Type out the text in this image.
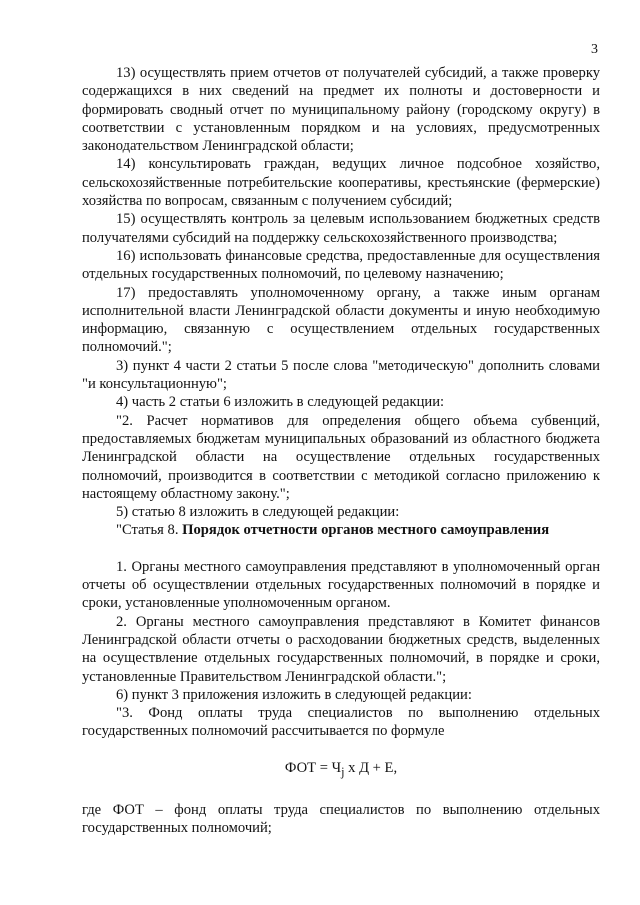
3

13) осуществлять прием отчетов от получателей субсидий, а также проверку содержащихся в них сведений на предмет их полноты и достоверности и формировать сводный отчет по муниципальному району (городскому округу) в соответствии с установленным порядком и на условиях, предусмотренных законодательством Ленинградской области;

14) консультировать граждан, ведущих личное подсобное хозяйство, сельскохозяйственные потребительские кооперативы, крестьянские (фермерские) хозяйства по вопросам, связанным с получением субсидий;

15) осуществлять контроль за целевым использованием бюджетных средств получателями субсидий на поддержку сельскохозяйственного производства;

16) использовать финансовые средства, предоставленные для осуществления отдельных государственных полномочий, по целевому назначению;

17) предоставлять уполномоченному органу, а также иным органам исполнительной власти Ленинградской области документы и иную необходимую информацию, связанную с осуществлением отдельных государственных полномочий.";

3) пункт 4 части 2 статьи 5 после слова "методическую" дополнить словами "и консультационную";

4) часть 2 статьи 6 изложить в следующей редакции:

"2. Расчет нормативов для определения общего объема субвенций, предоставляемых бюджетам муниципальных образований из областного бюджета Ленинградской области на осуществление отдельных государственных полномочий, производится в соответствии с методикой согласно приложению к настоящему областному закону.";

5) статью 8 изложить в следующей редакции:

"Статья 8. Порядок отчетности органов местного самоуправления

1. Органы местного самоуправления представляют в уполномоченный орган отчеты об осуществлении отдельных государственных полномочий в порядке и сроки, установленные уполномоченным органом.

2. Органы местного самоуправления представляют в Комитет финансов Ленинградской области отчеты о расходовании бюджетных средств, выделенных на осуществление отдельных государственных полномочий, в порядке и сроки, установленные Правительством Ленинградской области.";

6) пункт 3 приложения изложить в следующей редакции:

"3. Фонд оплаты труда специалистов по выполнению отдельных государственных полномочий рассчитывается по формуле

ФОТ = $Ч_j$ х Д + Е,

где ФОТ – фонд оплаты труда специалистов по выполнению отдельных государственных полномочий;
